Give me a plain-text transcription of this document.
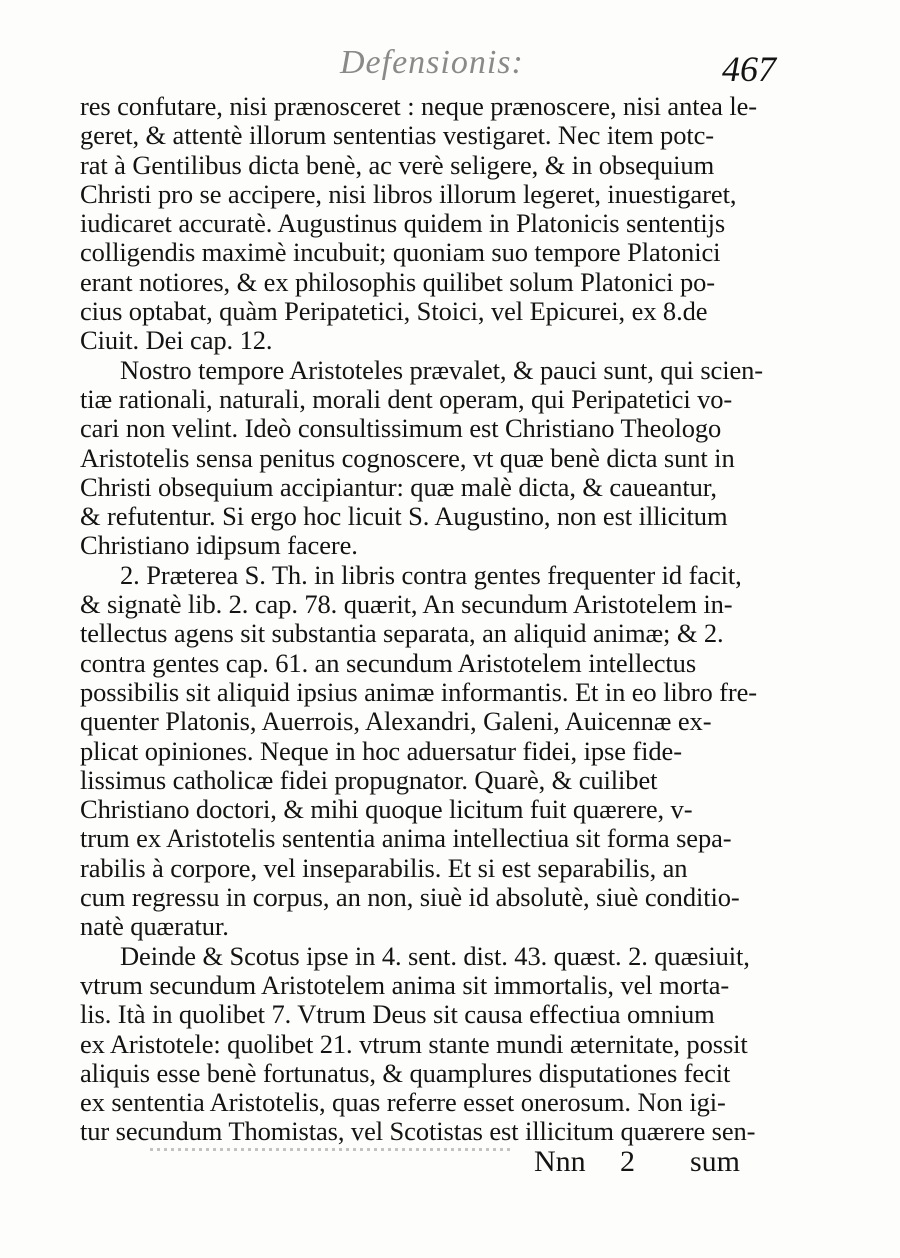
Defensionis:	467
res confutare, nisi prænosceret : neque prænoscere, nisi antea le-
geret, & attentè illorum sententias vestigaret. Nec item potc-
rat à Gentilibus dicta benè, ac verè seligere, & in obsequium
Christi pro se accipere, nisi libros illorum legeret, inuestigaret,
iudicaret accuratè. Augustinus quidem in Platonicis sententijs
colligendis maximè incubuit; quoniam suo tempore Platonici
erant notiores, & ex philosophis quilibet solum Platonici po-
cius optabat, quàm Peripatetici, Stoici, vel Epicurei, ex 8.de
Ciuit. Dei cap. 12.
Nostro tempore Aristoteles prævalet, & pauci sunt, qui scien-
tiæ rationali, naturali, morali dent operam, qui Peripatetici vo-
cari non velint. Ideò consultissimum est Christiano Theologo
Aristotelis sensa penitus cognoscere, vt quæ benè dicta sunt in
Christi obsequium accipiantur: quæ malè dicta, & caueantur,
& refutentur. Si ergo hoc licuit S. Augustino, non est illicitum
Christiano idipsum facere.
2. Præterea S. Th. in libris contra gentes frequenter id facit,
& signatè lib. 2. cap. 78. quærit, An secundum Aristotelem in-
tellectus agens sit substantia separata, an aliquid animæ; & 2.
contra gentes cap. 61. an secundum Aristotelem intellectus
possibilis sit aliquid ipsius animæ informantis. Et in eo libro fre-
quenter Platonis, Auerrois, Alexandri, Galeni, Auicennæ ex-
plicat opiniones. Neque in hoc aduersatur fidei, ipse fide-
lissimus catholicæ fidei propugnator. Quarè, & cuilibet
Christiano doctori, & mihi quoque licitum fuit quærere, v-
trum ex Aristotelis sententia anima intellectiua sit forma sepa-
rabilis à corpore, vel inseparabilis. Et si est separabilis, an
cum regressu in corpus, an non, siuè id absolutè, siuè conditio-
natè quæratur.
Deinde & Scotus ipse in 4. sent. dist. 43. quæst. 2. quæsiuit,
vtrum secundum Aristotelem anima sit immortalis, vel morta-
lis. Ità in quolibet 7. Vtrum Deus sit causa effectiua omnium
ex Aristotele: quolibet 21. vtrum stante mundi æternitate, possit
aliquis esse benè fortunatus, & quamplures disputationes fecit
ex sententia Aristotelis, quas referre esset onerosum. Non igi-
tur secundum Thomistas, vel Scotistas est illicitum quærere sen-
Nnn 2 sum
